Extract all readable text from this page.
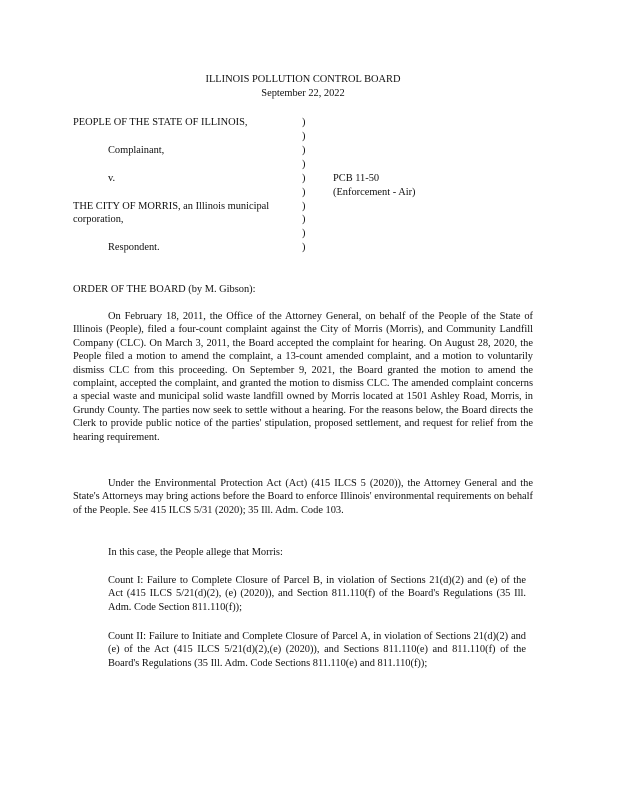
ILLINOIS POLLUTION CONTROL BOARD
September 22, 2022
PEOPLE OF THE STATE OF ILLINOIS,
Complainant,
v.
THE CITY OF MORRIS, an Illinois municipal
corporation,
Respondent.
)
)
)
)
)
)
)
)
)
)
PCB 11-50
(Enforcement - Air)
ORDER OF THE BOARD (by M. Gibson):
On February 18, 2011, the Office of the Attorney General, on behalf of the People of the State of Illinois (People), filed a four-count complaint against the City of Morris (Morris), and Community Landfill Company (CLC). On March 3, 2011, the Board accepted the complaint for hearing. On August 28, 2020, the People filed a motion to amend the complaint, a 13-count amended complaint, and a motion to voluntarily dismiss CLC from this proceeding. On September 9, 2021, the Board granted the motion to amend the complaint, accepted the complaint, and granted the motion to dismiss CLC. The amended complaint concerns a special waste and municipal solid waste landfill owned by Morris located at 1501 Ashley Road, Morris, in Grundy County. The parties now seek to settle without a hearing. For the reasons below, the Board directs the Clerk to provide public notice of the parties' stipulation, proposed settlement, and request for relief from the hearing requirement.
Under the Environmental Protection Act (Act) (415 ILCS 5 (2020)), the Attorney General and the State's Attorneys may bring actions before the Board to enforce Illinois' environmental requirements on behalf of the People. See 415 ILCS 5/31 (2020); 35 Ill. Adm. Code 103.
In this case, the People allege that Morris:
Count I: Failure to Complete Closure of Parcel B, in violation of Sections 21(d)(2) and (e) of the Act (415 ILCS 5/21(d)(2), (e) (2020)), and Section 811.110(f) of the Board's Regulations (35 Ill. Adm. Code Section 811.110(f));
Count II: Failure to Initiate and Complete Closure of Parcel A, in violation of Sections 21(d)(2) and (e) of the Act (415 ILCS 5/21(d)(2),(e) (2020)), and Sections 811.110(e) and 811.110(f) of the Board's Regulations (35 Ill. Adm. Code Sections 811.110(e) and 811.110(f));
